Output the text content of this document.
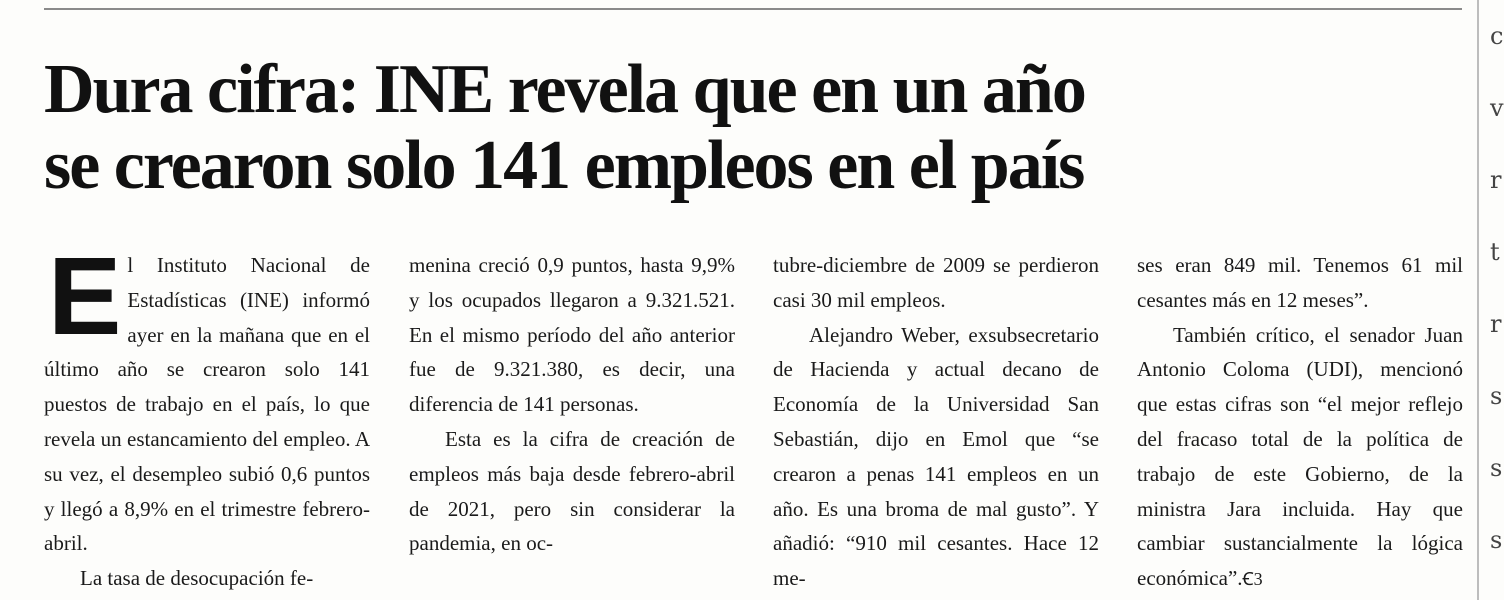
c
v
r
t
r
s
s
s
Dura cifra: INE revela que en un año
se crearon solo 141 empleos en el país

El Instituto Nacional de Estadísticas (INE) informó ayer en la mañana que en el último año se crearon solo 141 puestos de trabajo en el país, lo que revela un estancamiento del empleo. A su vez, el desempleo subió 0,6 puntos y llegó a 8,9% en el trimestre febrero-abril.

La tasa de desocupación fe-

menina creció 0,9 puntos, hasta 9,9% y los ocupados llegaron a 9.321.521. En el mismo período del año anterior fue de 9.321.380, es decir, una diferencia de 141 personas.

Esta es la cifra de creación de empleos más baja desde febrero-abril de 2021, pero sin considerar la pandemia, en oc-

tubre-diciembre de 2009 se perdieron casi 30 mil empleos.

Alejandro Weber, exsubsecretario de Hacienda y actual decano de Economía de la Universidad San Sebastián, dijo en Emol que “se crearon a penas 141 empleos en un año. Es una broma de mal gusto”. Y añadió: “910 mil cesantes. Hace 12 me-

ses eran 849 mil. Tenemos 61 mil cesantes más en 12 meses”.

También crítico, el senador Juan Antonio Coloma (UDI), mencionó que estas cifras son “el mejor reflejo del fracaso total de la política de trabajo de este Gobierno, de la ministra Jara incluida. Hay que cambiar sustancialmente la lógica económica”.Ꞓ3
